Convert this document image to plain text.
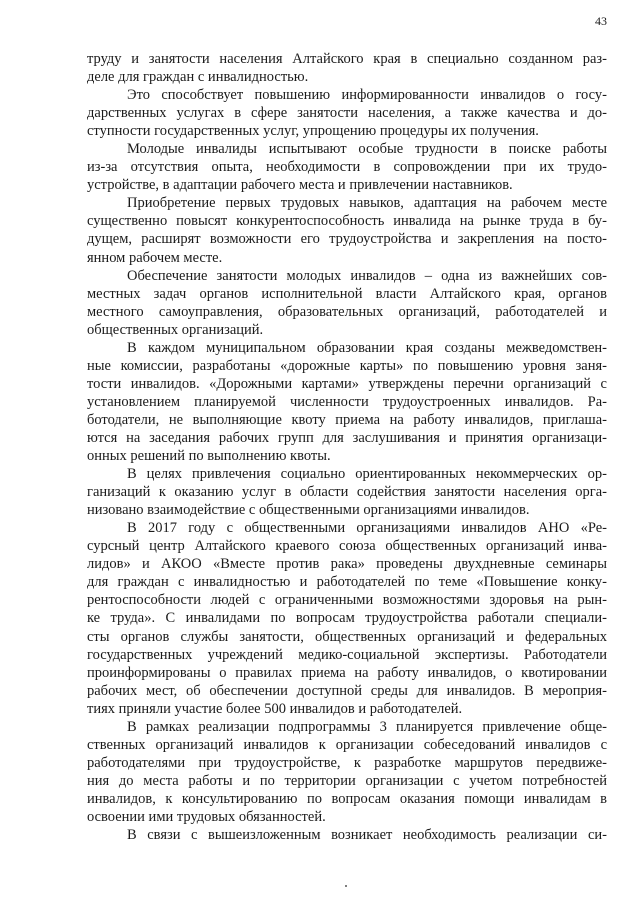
43
труду и занятости населения Алтайского края в специально созданном раз-
деле для граждан с инвалидностью.
Это способствует повышению информированности инвалидов о госу-
дарственных услугах в сфере занятости населения, а также качества и до-
ступности государственных услуг, упрощению процедуры их получения.
Молодые инвалиды испытывают особые трудности в поиске работы
из-за отсутствия опыта, необходимости в сопровождении при их трудо-
устройстве, в адаптации рабочего места и привлечении наставников.
Приобретение первых трудовых навыков, адаптация на рабочем месте
существенно повысят конкурентоспособность инвалида на рынке труда в бу-
дущем, расширят возможности его трудоустройства и закрепления на посто-
янном рабочем месте.
Обеспечение занятости молодых инвалидов – одна из важнейших сов-
местных задач органов исполнительной власти Алтайского края, органов
местного самоуправления, образовательных организаций, работодателей и
общественных организаций.
В каждом муниципальном образовании края созданы межведомствен-
ные комиссии, разработаны «дорожные карты» по повышению уровня заня-
тости инвалидов. «Дорожными картами» утверждены перечни организаций с
установлением планируемой численности трудоустроенных инвалидов. Ра-
ботодатели, не выполняющие квоту приема на работу инвалидов, приглаша-
ются на заседания рабочих групп для заслушивания и принятия организаци-
онных решений по выполнению квоты.
В целях привлечения социально ориентированных некоммерческих ор-
ганизаций к оказанию услуг в области содействия занятости населения орга-
низовано взаимодействие с общественными организациями инвалидов.
В 2017 году с общественными организациями инвалидов АНО «Ре-
сурсный центр Алтайского краевого союза общественных организаций инва-
лидов» и АКОО «Вместе против рака» проведены двухдневные семинары
для граждан с инвалидностью и работодателей по теме «Повышение конку-
рентоспособности людей с ограниченными возможностями здоровья на рын-
ке труда». С инвалидами по вопросам трудоустройства работали специали-
сты органов службы занятости, общественных организаций и федеральных
государственных учреждений медико-социальной экспертизы. Работодатели
проинформированы о правилах приема на работу инвалидов, о квотировании
рабочих мест, об обеспечении доступной среды для инвалидов. В мероприя-
тиях приняли участие более 500 инвалидов и работодателей.
В рамках реализации подпрограммы 3 планируется привлечение обще-
ственных организаций инвалидов к организации собеседований инвалидов с
работодателями при трудоустройстве, к разработке маршрутов передвиже-
ния до места работы и по территории организации с учетом потребностей
инвалидов, к консультированию по вопросам оказания помощи инвалидам в
освоении ими трудовых обязанностей.
В связи с вышеизложенным возникает необходимость реализации си-
